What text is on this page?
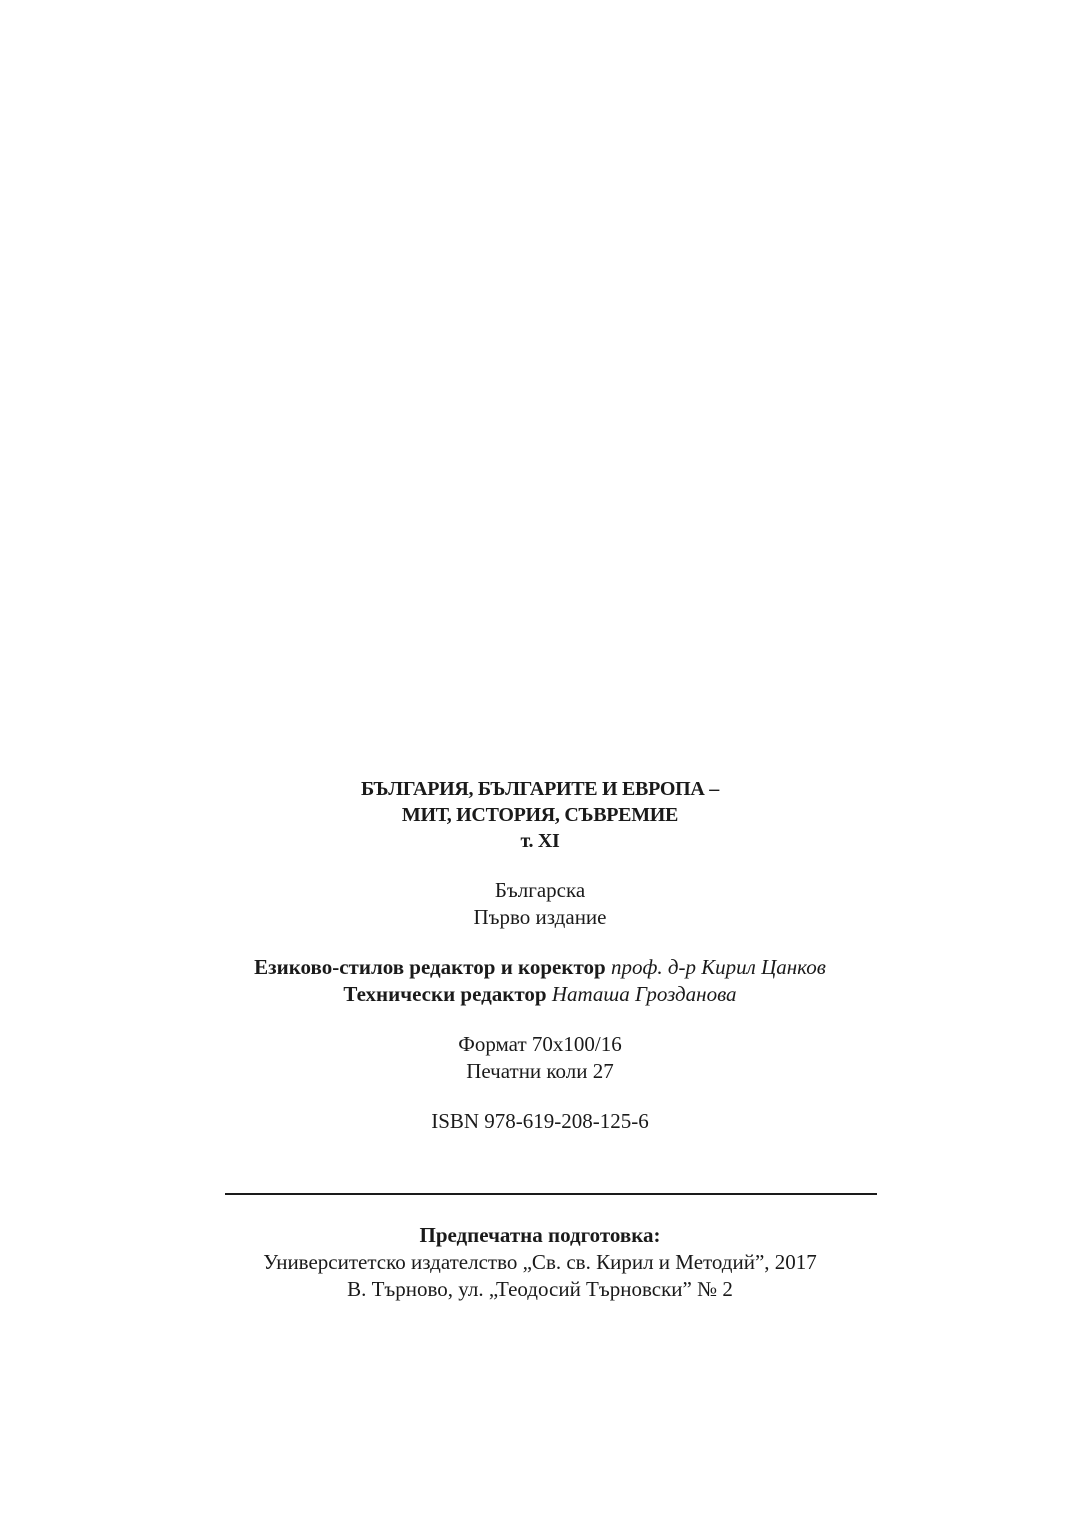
БЪЛГАРИЯ, БЪЛГАРИТЕ И ЕВРОПА –
МИТ, ИСТОРИЯ, СЪВРЕМИЕ
т. XI
Българска
Първо издание
Езиково-стилов редактор и коректор проф. д-р Кирил Цанков
Технически редактор Наташа Грозданова
Формат 70x100/16
Печатни коли 27
ISBN 978-619-208-125-6
Предпечатна подготовка:
Университетско издателство „Св. св. Кирил и Методий”, 2017
В. Търново, ул. „Теодосий Търновски” № 2
